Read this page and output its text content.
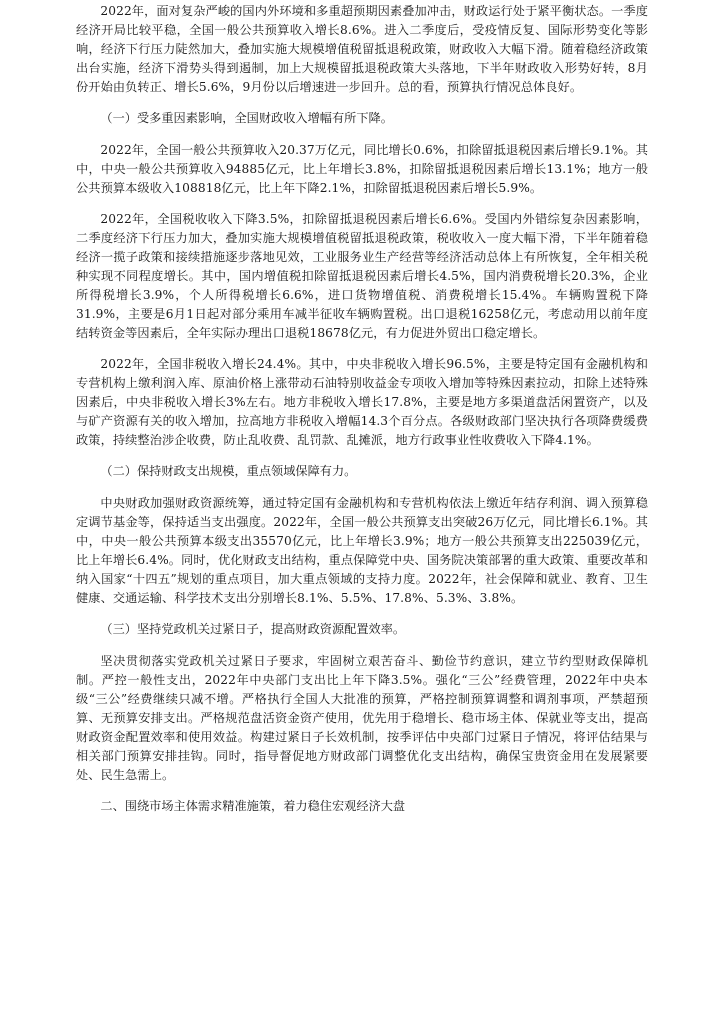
2022年，面对复杂严峻的国内外环境和多重超预期因素叠加冲击，财政运行处于紧平衡状态。一季度经济开局比较平稳，全国一般公共预算收入增长8.6%。进入二季度后，受疫情反复、国际形势变化等影响，经济下行压力陡然加大，叠加实施大规模增值税留抵退税政策，财政收入大幅下滑。随着稳经济政策出台实施，经济下滑势头得到遏制，加上大规模留抵退税政策大头落地，下半年财政收入形势好转，8月份开始由负转正、增长5.6%，9月份以后增速进一步回升。总的看，预算执行情况总体良好。

（一）受多重因素影响，全国财政收入增幅有所下降。

2022年，全国一般公共预算收入20.37万亿元，同比增长0.6%，扣除留抵退税因素后增长9.1%。其中，中央一般公共预算收入94885亿元，比上年增长3.8%，扣除留抵退税因素后增长13.1%；地方一般公共预算本级收入108818亿元，比上年下降2.1%，扣除留抵退税因素后增长5.9%。

2022年，全国税收收入下降3.5%，扣除留抵退税因素后增长6.6%。受国内外错综复杂因素影响，二季度经济下行压力加大，叠加实施大规模增值税留抵退税政策，税收收入一度大幅下滑，下半年随着稳经济一揽子政策和接续措施逐步落地见效，工业服务业生产经营等经济活动总体上有所恢复，全年相关税种实现不同程度增长。其中，国内增值税扣除留抵退税因素后增长4.5%，国内消费税增长20.3%，企业所得税增长3.9%，个人所得税增长6.6%，进口货物增值税、消费税增长15.4%。车辆购置税下降31.9%，主要是6月1日起对部分乘用车减半征收车辆购置税。出口退税16258亿元，考虑动用以前年度结转资金等因素后，全年实际办理出口退税18678亿元，有力促进外贸出口稳定增长。

2022年，全国非税收入增长24.4%。其中，中央非税收入增长96.5%，主要是特定国有金融机构和专营机构上缴利润入库、原油价格上涨带动石油特别收益金专项收入增加等特殊因素拉动，扣除上述特殊因素后，中央非税收入增长3%左右。地方非税收入增长17.8%，主要是地方多渠道盘活闲置资产，以及与矿产资源有关的收入增加，拉高地方非税收入增幅14.3个百分点。各级财政部门坚决执行各项降费缓费政策，持续整治涉企收费，防止乱收费、乱罚款、乱摊派，地方行政事业性收费收入下降4.1%。

（二）保持财政支出规模，重点领域保障有力。

中央财政加强财政资源统筹，通过特定国有金融机构和专营机构依法上缴近年结存利润、调入预算稳定调节基金等，保持适当支出强度。2022年，全国一般公共预算支出突破26万亿元，同比增长6.1%。其中，中央一般公共预算本级支出35570亿元，比上年增长3.9%；地方一般公共预算支出225039亿元，比上年增长6.4%。同时，优化财政支出结构，重点保障党中央、国务院决策部署的重大政策、重要改革和纳入国家“十四五”规划的重点项目，加大重点领域的支持力度。2022年，社会保障和就业、教育、卫生健康、交通运输、科学技术支出分别增长8.1%、5.5%、17.8%、5.3%、3.8%。

（三）坚持党政机关过紧日子，提高财政资源配置效率。

坚决贯彻落实党政机关过紧日子要求，牢固树立艰苦奋斗、勤俭节约意识，建立节约型财政保障机制。严控一般性支出，2022年中央部门支出比上年下降3.5%。强化“三公”经费管理，2022年中央本级“三公”经费继续只减不增。严格执行全国人大批准的预算，严格控制预算调整和调剂事项，严禁超预算、无预算安排支出。严格规范盘活资金资产使用，优先用于稳增长、稳市场主体、保就业等支出，提高财政资金配置效率和使用效益。构建过紧日子长效机制，按季评估中央部门过紧日子情况，将评估结果与相关部门预算安排挂钩。同时，指导督促地方财政部门调整优化支出结构，确保宝贵资金用在发展紧要处、民生急需上。

二、围绕市场主体需求精准施策，着力稳住宏观经济大盘
